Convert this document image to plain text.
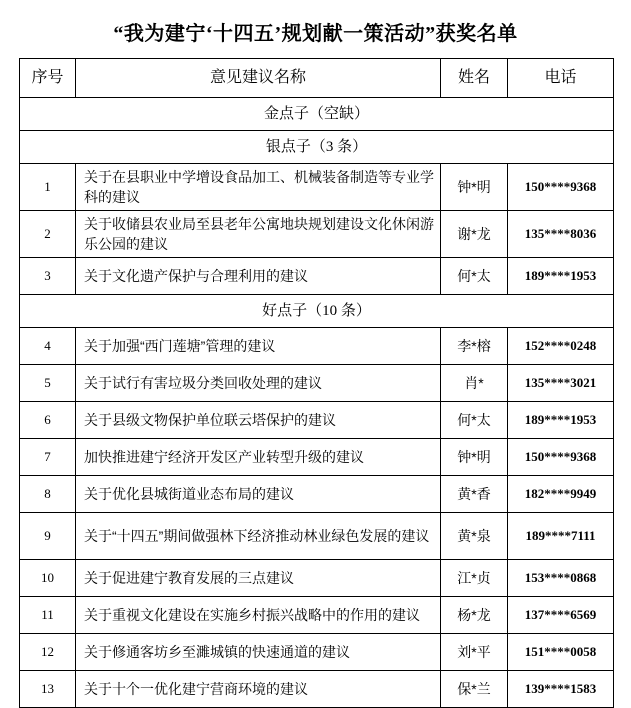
“我为建宁‘十四五’规划献一策活动”获奖名单
序号	意见建议名称	姓名	电话
金点子（空缺）			
银点子（3 条）			
1	关于在县职业中学增设食品加工、机械装备制造等专业学科的建议	钟*明	150****9368
2	关于收储县农业局至县老年公寓地块规划建设文化休闲游乐公园的建议	谢*龙	135****8036
3	关于文化遗产保护与合理利用的建议	何*太	189****1953
好点子（10 条）			
4	关于加强“西门莲塘”管理的建议	李*榕	152****0248
5	关于试行有害垃圾分类回收处理的建议	肖*	135****3021
6	关于县级文物保护单位联云塔保护的建议	何*太	189****1953
7	加快推进建宁经济开发区产业转型升级的建议	钟*明	150****9368
8	关于优化县城街道业态布局的建议	黄*香	182****9949
9	关于“十四五”期间做强林下经济推动林业绿色发展的建议	黄*泉	189****7111
10	关于促进建宁教育发展的三点建议	江*贞	153****0868
11	关于重视文化建设在实施乡村振兴战略中的作用的建议	杨*龙	137****6569
12	关于修通客坊乡至濉城镇的快速通道的建议	刘*平	151****0058
13	关于十个一优化建宁营商环境的建议	保*兰	139****1583
